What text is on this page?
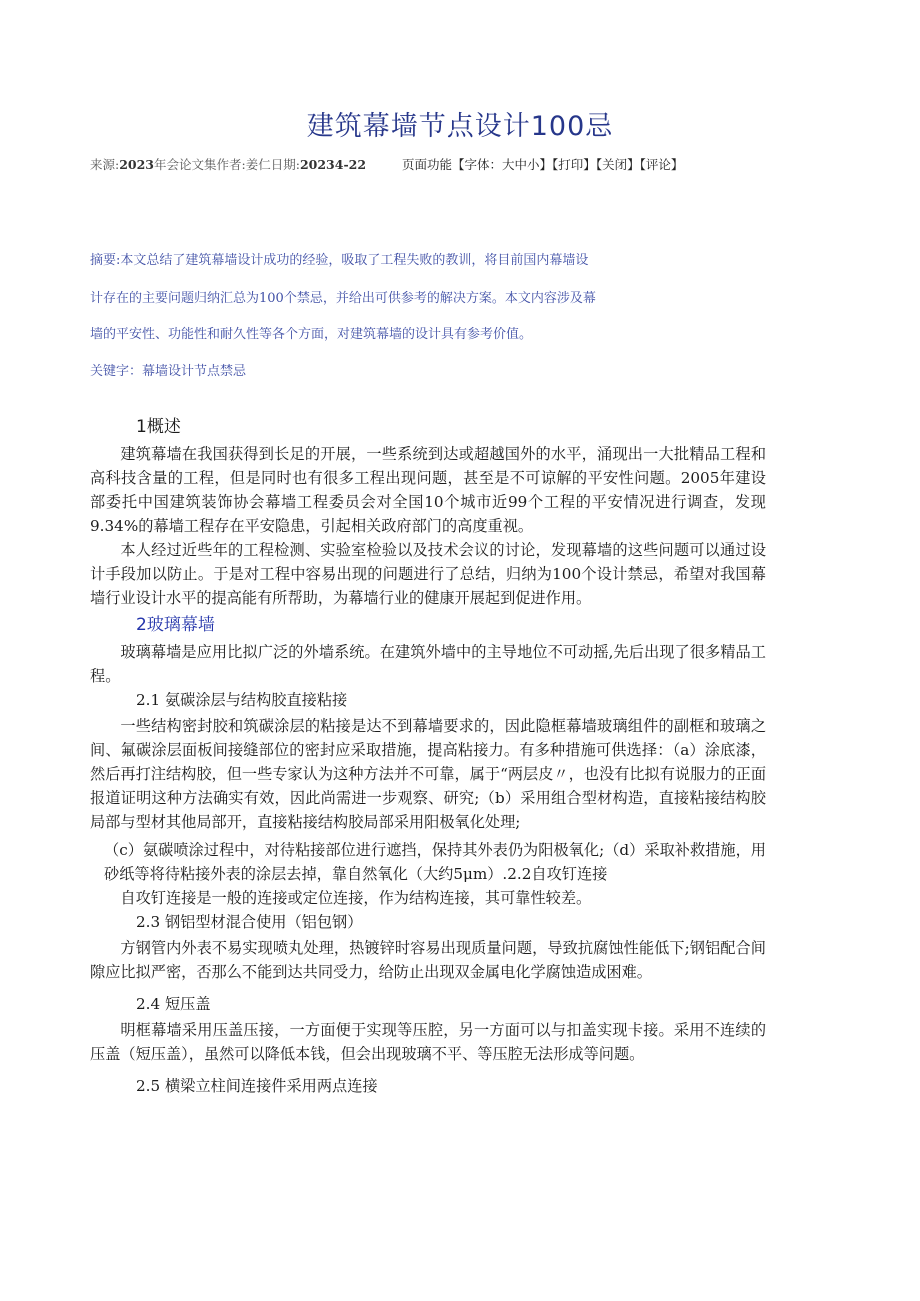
建筑幕墙节点设计100忌
来源:2023年会论文集作者:姜仁日期:20234-22	页面功能【字体：大中小】【打印】【关闭】【评论】
摘要:本文总结了建筑幕墙设计成功的经验，吸取了工程失败的教训，将目前国内幕墙设
计存在的主要问题归纳汇总为100个禁忌，并给出可供参考的解决方案。本文内容涉及幕
墙的平安性、功能性和耐久性等各个方面，对建筑幕墙的设计具有参考价值。
关键字：幕墙设计节点禁忌
1概述

建筑幕墙在我国获得到长足的开展，一些系统到达或超越国外的水平，涌现出一大批精品工程和高科技含量的工程，但是同时也有很多工程出现问题，甚至是不可谅解的平安性问题。2005年建设部委托中国建筑装饰协会幕墙工程委员会对全国10个城市近99个工程的平安情况进行调查，发现9.34%的幕墙工程存在平安隐患，引起相关政府部门的高度重视。

本人经过近些年的工程检测、实验室检验以及技术会议的讨论，发现幕墙的这些问题可以通过设计手段加以防止。于是对工程中容易出现的问题进行了总结，归纳为100个设计禁忌，希望对我国幕墙行业设计水平的提高能有所帮助，为幕墙行业的健康开展起到促进作用。

2玻璃幕墙

玻璃幕墙是应用比拟广泛的外墙系统。在建筑外墙中的主导地位不可动摇,先后出现了很多精品工程。

2.1 氨碳涂层与结构胶直接粘接

一些结构密封胶和筑碳涂层的粘接是达不到幕墙要求的，因此隐框幕墙玻璃组件的副框和玻璃之间、氟碳涂层面板间接缝部位的密封应采取措施，提高粘接力。有多种措施可供选择：（a）涂底漆，然后再打注结构胶，但一些专家认为这种方法并不可靠，属于“两层皮〃，也没有比拟有说服力的正面报道证明这种方法确实有效，因此尚需进一步观察、研究;（b）采用组合型材构造，直接粘接结构胶局部与型材其他局部开，直接粘接结构胶局部采用阳极氧化处理;

（c）氨碳喷涂过程中，对待粘接部位进行遮挡，保持其外表仍为阳极氧化;（d）采取补救措施，用砂纸等将待粘接外表的涂层去掉，靠自然氧化（大约5μm）.2.2自攻钉连接

自攻钉连接是一般的连接或定位连接，作为结构连接，其可靠性较差。

2.3 钢铝型材混合使用（铝包钢）

方钢管内外表不易实现喷丸处理，热镀锌时容易出现质量问题，导致抗腐蚀性能低下;钢铝配合间隙应比拟严密，否那么不能到达共同受力，给防止出现双金属电化学腐蚀造成困难。

2.4 短压盖

明框幕墙采用压盖压接，一方面便于实现等压腔，另一方面可以与扣盖实现卡接。采用不连续的压盖（短压盖），虽然可以降低本钱，但会出现玻璃不平、等压腔无法形成等问题。

2.5 横梁立柱间连接件采用两点连接
